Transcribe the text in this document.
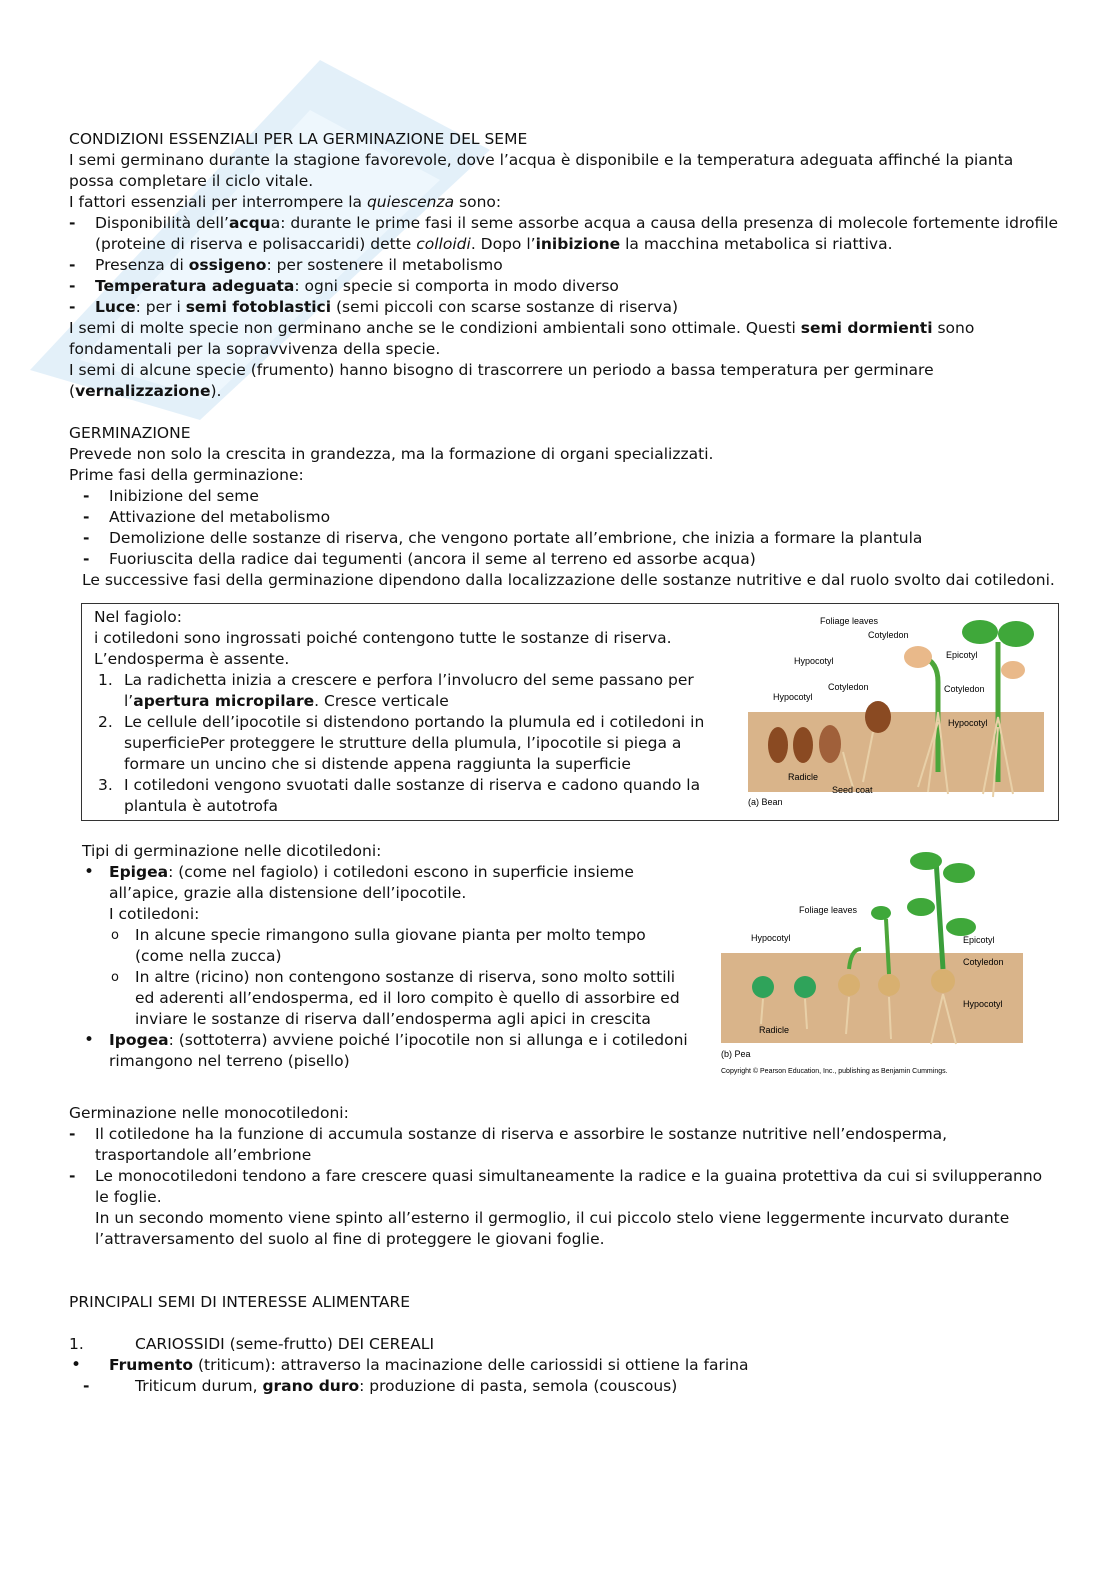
CONDIZIONI ESSENZIALI PER LA GERMINAZIONE DEL SEME

I semi germinano durante la stagione favorevole, dove l’acqua è disponibile e la temperatura adeguata affinché la pianta possa completare il ciclo vitale.

I fattori essenziali per interrompere la quiescenza sono:

- Disponibilità dell’acqua: durante le prime fasi il seme assorbe acqua a causa della presenza di molecole fortemente idrofile (proteine di riserva e polisaccaridi) dette colloidi. Dopo l’inibizione la macchina metabolica si riattiva.

- Presenza di ossigeno: per sostenere il metabolismo

- Temperatura adeguata: ogni specie si comporta in modo diverso

- Luce: per i semi fotoblastici (semi piccoli con scarse sostanze di riserva)

I semi di molte specie non germinano anche se le condizioni ambientali sono ottimale. Questi semi dormienti sono fondamentali per la sopravvivenza della specie.

I semi di alcune specie (frumento) hanno bisogno di trascorrere un periodo a bassa temperatura per germinare (vernalizzazione).

GERMINAZIONE

Prevede non solo la crescita in grandezza, ma la formazione di organi specializzati.

Prime fasi della germinazione:

- Inibizione del seme

- Attivazione del metabolismo

- Demolizione delle sostanze di riserva, che vengono portate all’embrione, che inizia a formare la plantula

- Fuoriuscita della radice dai tegumenti (ancora il seme al terreno ed assorbe acqua)

Le successive fasi della germinazione dipendono dalla localizzazione delle sostanze nutritive e dal ruolo svolto dai cotiledoni.

Nel fagiolo:

i cotiledoni sono ingrossati poiché contengono tutte le sostanze di riserva. L’endosperma è assente.

1. La radichetta inizia a crescere e perfora l’involucro del seme passano per l’apertura micropilare. Cresce verticale

2. Le cellule dell’ipocotile si distendono portando la plumula ed i cotiledoni in superficiePer proteggere le strutture della plumula, l’ipocotile si piega a formare un uncino che si distende appena raggiunta la superficie

3. I cotiledoni vengono svuotati dalle sostanze di riserva e cadono quando la plantula è autotrofa

Foliage leaves
Cotyledon
Hypocotyl
Cotyledon
Hypocotyl
Epicotyl
Cotyledon
Hypocotyl
Radicle
Seed coat
(a) Bean

Tipi di germinazione nelle dicotiledoni:

• Epigea: (come nel fagiolo) i cotiledoni escono in superficie insieme all’apice, grazie alla distensione dell’ipocotile.

I cotiledoni:

o In alcune specie rimangono sulla giovane pianta per molto tempo (come nella zucca)

o In altre (ricino) non contengono sostanze di riserva, sono molto sottili ed aderenti all’endosperma, ed il loro compito è quello di assorbire ed inviare le sostanze di riserva dall’endosperma agli apici in crescita

• Ipogea: (sottoterra) avviene poiché l’ipocotile non si allunga e i cotiledoni rimangono nel terreno (pisello)

Foliage leaves
Hypocotyl	Epicotyl
Cotyledon
Hypocotyl
Radicle
(b) Pea
Copyright © Pearson Education, Inc., publishing as Benjamin Cummings.

Germinazione nelle monocotiledoni:

- Il cotiledone ha la funzione di accumula sostanze di riserva e assorbire le sostanze nutritive nell’endosperma, trasportandole all’embrione

- Le monocotiledoni tendono a fare crescere quasi simultaneamente la radice e la guaina protettiva da cui si svilupperanno le foglie.

In un secondo momento viene spinto all’esterno il germoglio, il cui piccolo stelo viene leggermente incurvato durante l’attraversamento del suolo al fine di proteggere le giovani foglie.

PRINCIPALI SEMI DI INTERESSE ALIMENTARE

1.	CARIOSSIDI (seme-frutto) DEI CEREALI

• Frumento (triticum): attraverso la macinazione delle cariossidi si ottiene la farina

- Triticum durum, grano duro: produzione di pasta, semola (couscous)
